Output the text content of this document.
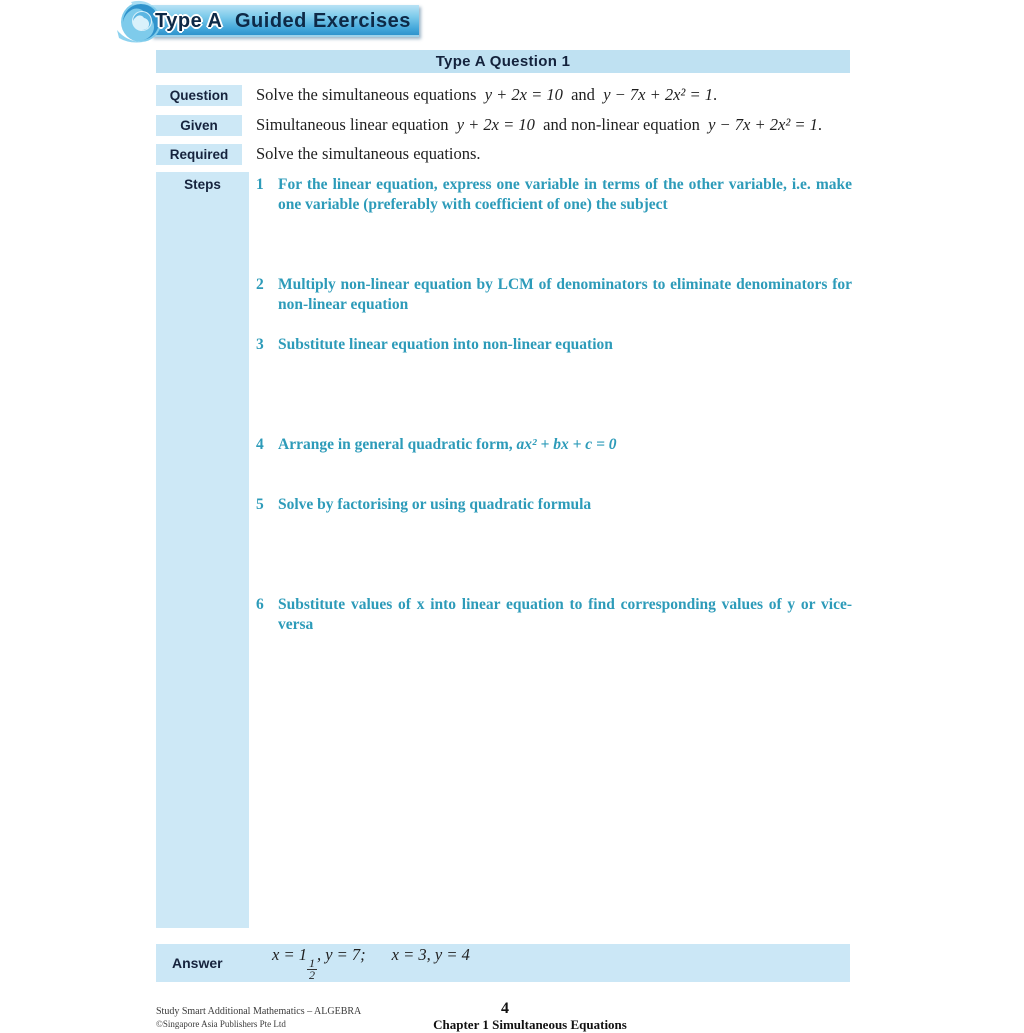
Type A Guided Exercises
Type A Question 1
Question Solve the simultaneous equations y + 2x = 10 and y − 7x + 2x² = 1.
Given Simultaneous linear equation y + 2x = 10 and non-linear equation y − 7x + 2x² = 1.
Required Solve the simultaneous equations.
Steps	1 For the linear equation, express one variable in terms of the other variable, i.e. make one variable (preferably with coefficient of one) the subject
2 Multiply non-linear equation by LCM of denominators to eliminate denominators for non-linear equation
3 Substitute linear equation into non-linear equation
4 Arrange in general quadratic form, ax² + bx + c = 0
5 Solve by factorising or using quadratic formula
6 Substitute values of x into linear equation to find corresponding values of y or vice-versa
Answer	x = 1
$\frac{1}{2}$
, y = 7; x = 3, y = 4
Study Smart Additional Mathematics – ALGEBRA	4
©Singapore Asia Publishers Pte Ltd	Chapter 1 Simultaneous Equations
